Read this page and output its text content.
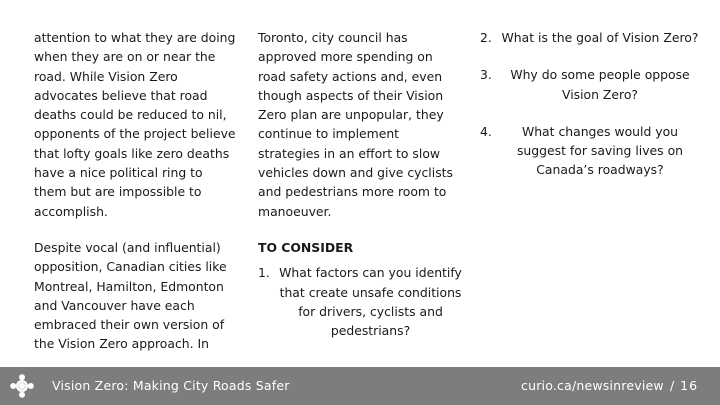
attention to what they are doing when they are on or near the road. While Vision Zero advocates believe that road deaths could be reduced to nil, opponents of the project believe that lofty goals like zero deaths have a nice political ring to them but are impossible to accomplish.

Despite vocal (and influential) opposition, Canadian cities like Montreal, Hamilton, Edmonton and Vancouver have each embraced their own version of the Vision Zero approach. In

Toronto, city council has approved more spending on road safety actions and, even though aspects of their Vision Zero plan are unpopular, they continue to implement strategies in an effort to slow vehicles down and give cyclists and pedestrians more room to manoeuver.

TO CONSIDER
1. What factors can you identify that create unsafe conditions for drivers, cyclists and pedestrians?
2. What is the goal of Vision Zero?
3.	Why do some people oppose Vision Zero?
4.	What changes would you suggest for saving lives on Canada’s roadways?
Vision Zero: Making City Roads Safer	curio.ca/newsinreview / 16
